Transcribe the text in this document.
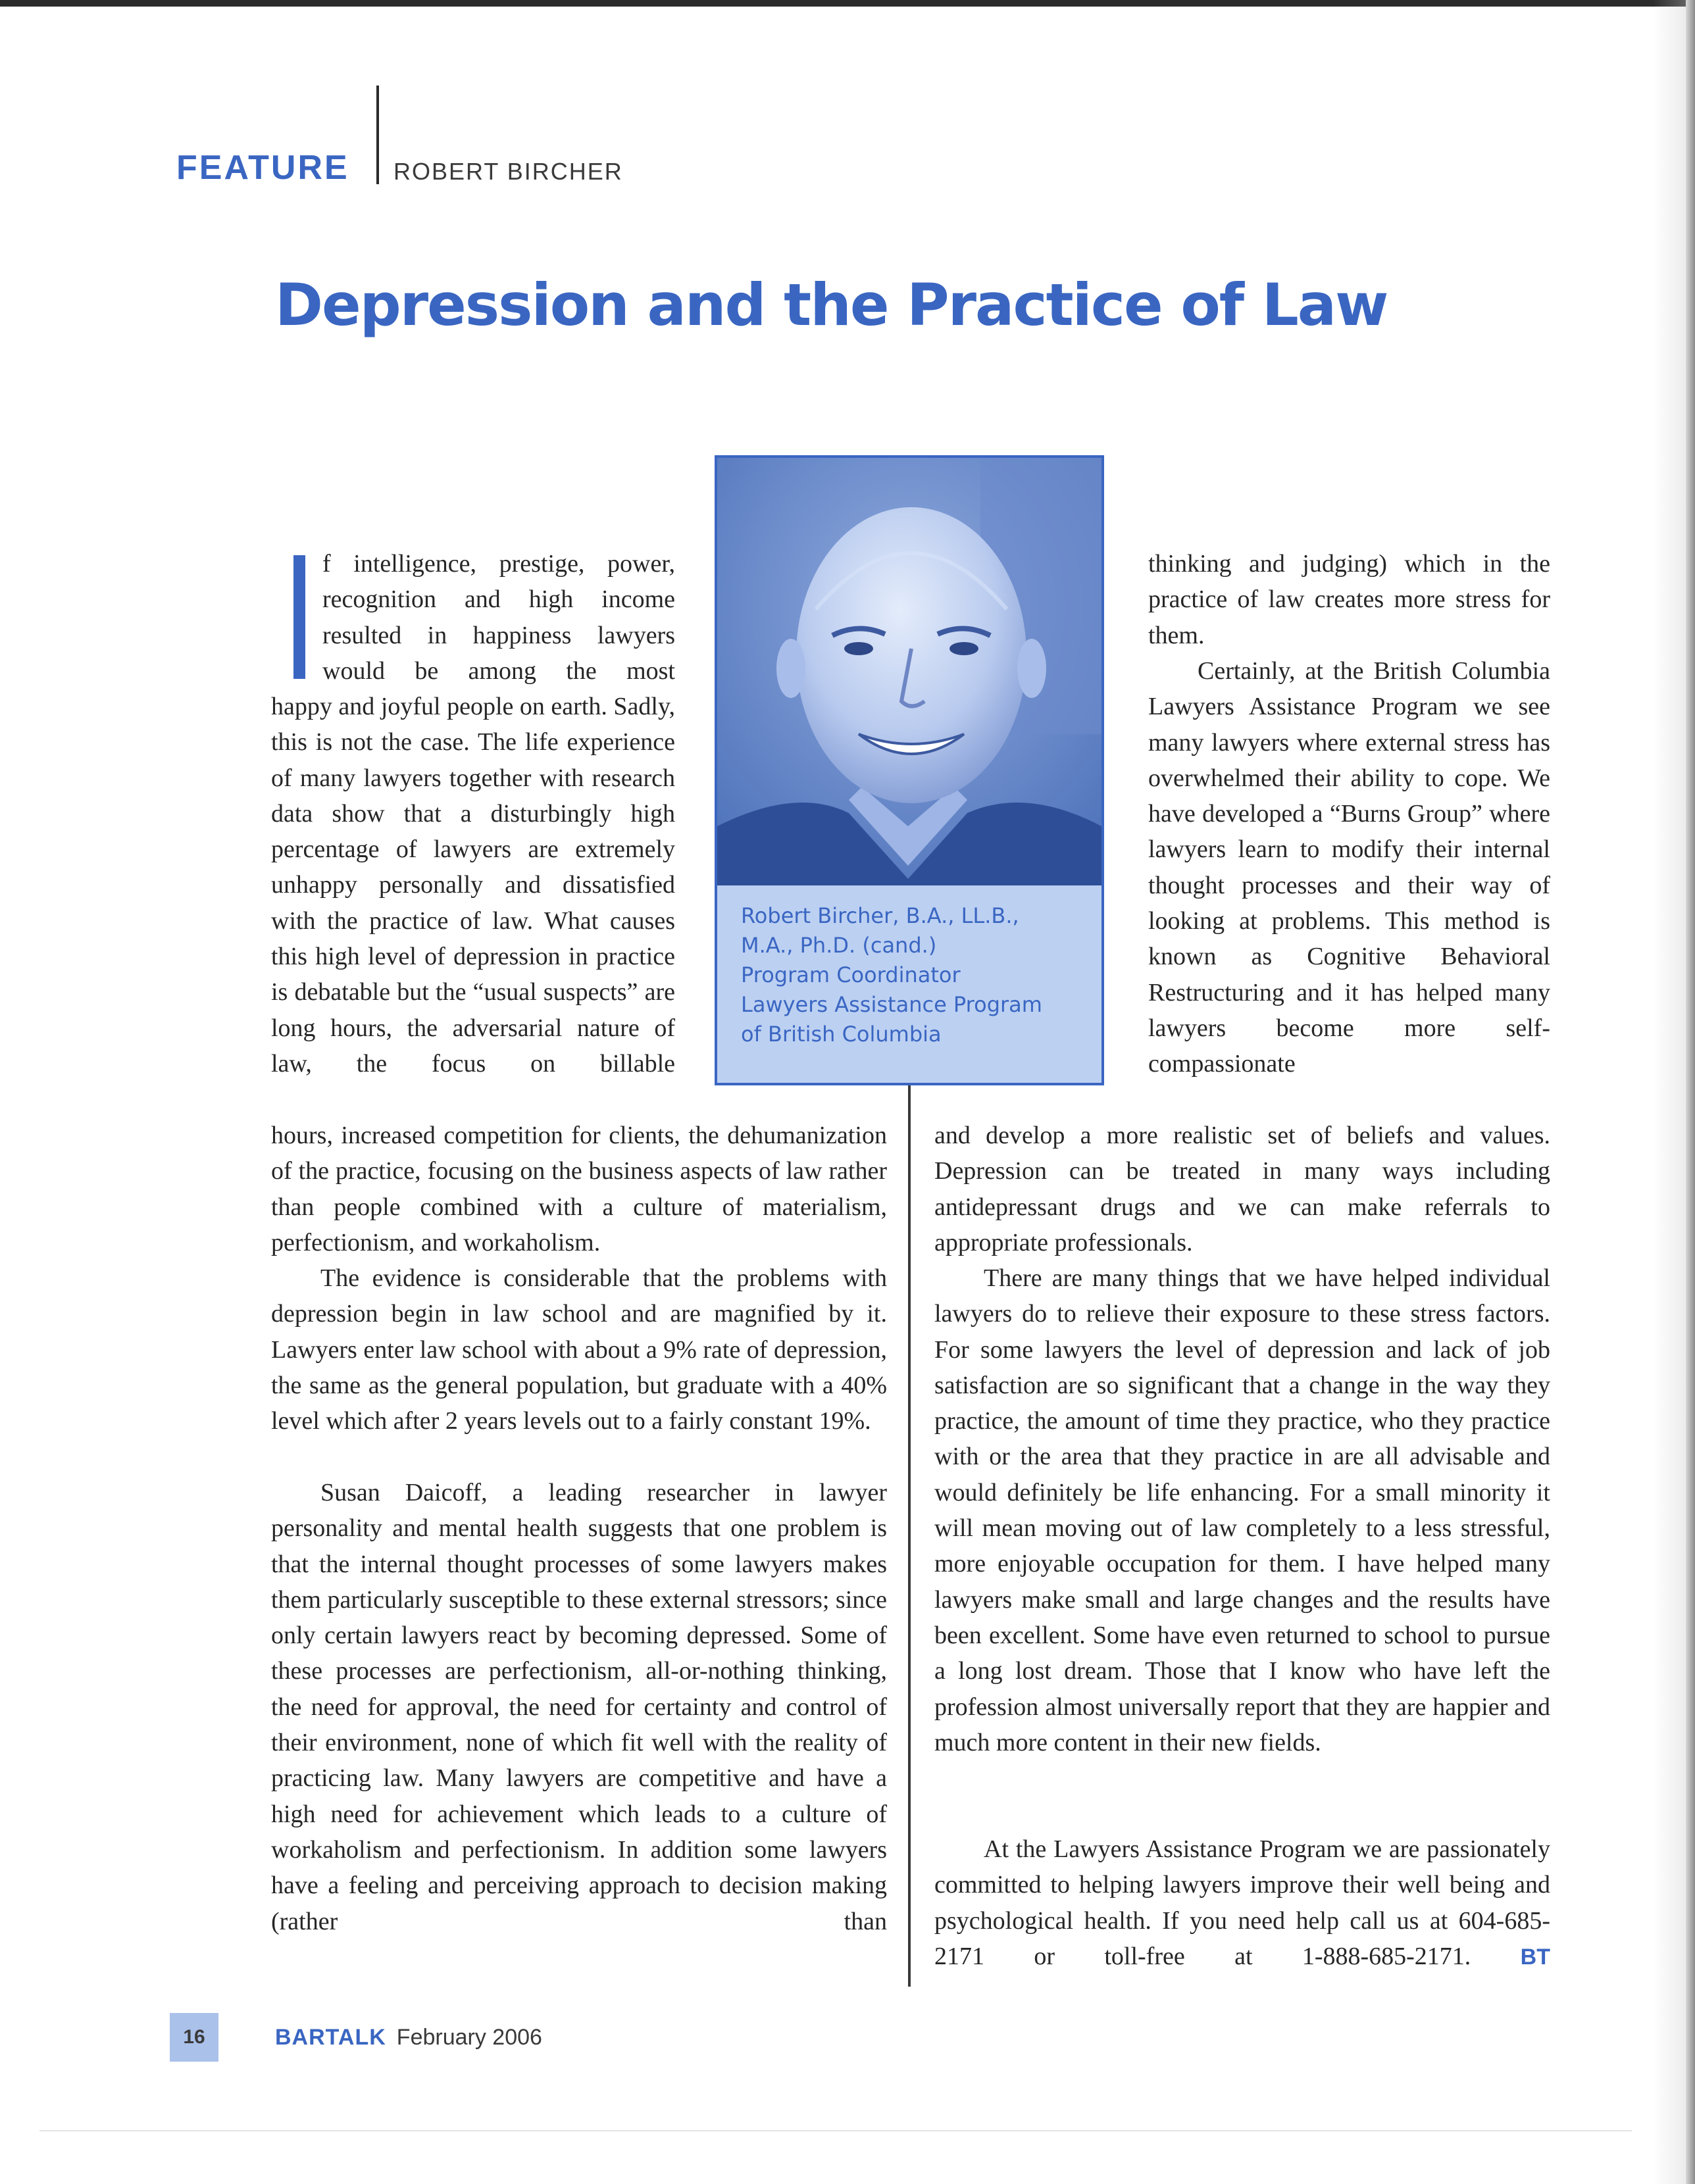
FEATURE ROBERT BIRCHER
Depression and the Practice of Law

f intelligence, prestige, power, recognition and high income resulted in happiness lawyers would be among the most

happy and joyful people on earth. Sadly, this is not the case. The life experience of many lawyers together with research data show that a disturbingly high percentage of lawyers are extremely unhappy personally and dissatisfied with the practice of law. What causes this high level of depression in practice is debatable but the “usual suspects” are long hours, the adversarial nature of law, the focus on billable

hours, increased competition for clients, the dehumanization of the practice, focusing on the business aspects of law rather than people combined with a culture of materialism, perfectionism, and workaholism.

The evidence is considerable that the problems with depression begin in law school and are magnified by it. Lawyers enter law school with about a 9% rate of depression, the same as the general population, but graduate with a 40% level which after 2 years levels out to a fairly constant 19%.

Susan Daicoff, a leading researcher in lawyer personality and mental health suggests that one problem is that the internal thought processes of some lawyers makes them particularly susceptible to these external stressors; since only certain lawyers react by becoming depressed. Some of these processes are perfectionism, all-or-nothing thinking, the need for approval, the need for certainty and control of their environment, none of which fit well with the reality of practicing law. Many lawyers are competitive and have a high need for achievement which leads to a culture of workaholism and perfectionism. In addition some lawyers have a feeling and perceiving approach to decision making (rather than

Robert Bircher, B.A., LL.B.,
M.A., Ph.D. (cand.)
Program Coordinator
Lawyers Assistance Program
of British Columbia

thinking and judging) which in the practice of law creates more stress for them.

Certainly, at the British Columbia Lawyers Assistance Program we see many lawyers where external stress has overwhelmed their ability to cope. We have developed a “Burns Group” where lawyers learn to modify their internal thought processes and their way of looking at problems. This method is known as Cognitive Behavioral Restructuring and it has helped many lawyers become more self-compassionate

and develop a more realistic set of beliefs and values. Depression can be treated in many ways including antidepressant drugs and we can make referrals to appropriate professionals.

There are many things that we have helped individual lawyers do to relieve their exposure to these stress factors. For some lawyers the level of depression and lack of job satisfaction are so significant that a change in the way they practice, the amount of time they practice, who they practice with or the area that they practice in are all advisable and would definitely be life enhancing. For a small minority it will mean moving out of law completely to a less stressful, more enjoyable occupation for them. I have helped many lawyers make small and large changes and the results have been excellent. Some have even returned to school to pursue a long lost dream. Those that I know who have left the profession almost universally report that they are happier and much more content in their new fields.

At the Lawyers Assistance Program we are passionately committed to helping lawyers improve their well being and psychological health. If you need help call us at 604-685-2171 or toll-free at 1-888-685-2171. BT

16	BARTALK February 2006
